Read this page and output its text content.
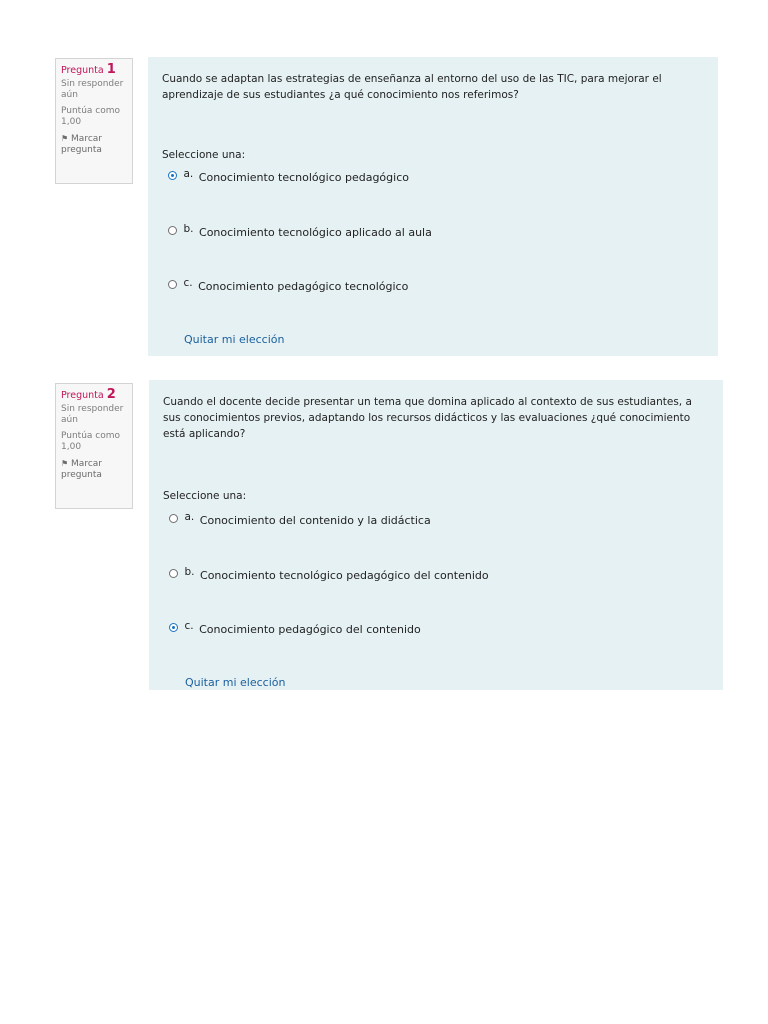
Pregunta 1
Sin responder aún
Puntúa como 1,00
⚑ Marcar pregunta

Cuando se adaptan las estrategias de enseñanza al entorno del uso de las TIC, para mejorar el aprendizaje de sus estudiantes ¿a qué conocimiento nos referimos?

Seleccione una:

a. Conocimiento tecnológico pedagógico
b. Conocimiento tecnológico aplicado al aula
c. Conocimiento pedagógico tecnológico
Quitar mi elección
Pregunta 2
Sin responder aún
Puntúa como 1,00
⚑ Marcar pregunta

Cuando el docente decide presentar un tema que domina aplicado al contexto de sus estudiantes, a sus conocimientos previos, adaptando los recursos didácticos y las evaluaciones ¿qué conocimiento está aplicando?

Seleccione una:

a. Conocimiento del contenido y la didáctica
b. Conocimiento tecnológico pedagógico del contenido
c. Conocimiento pedagógico del contenido
Quitar mi elección
